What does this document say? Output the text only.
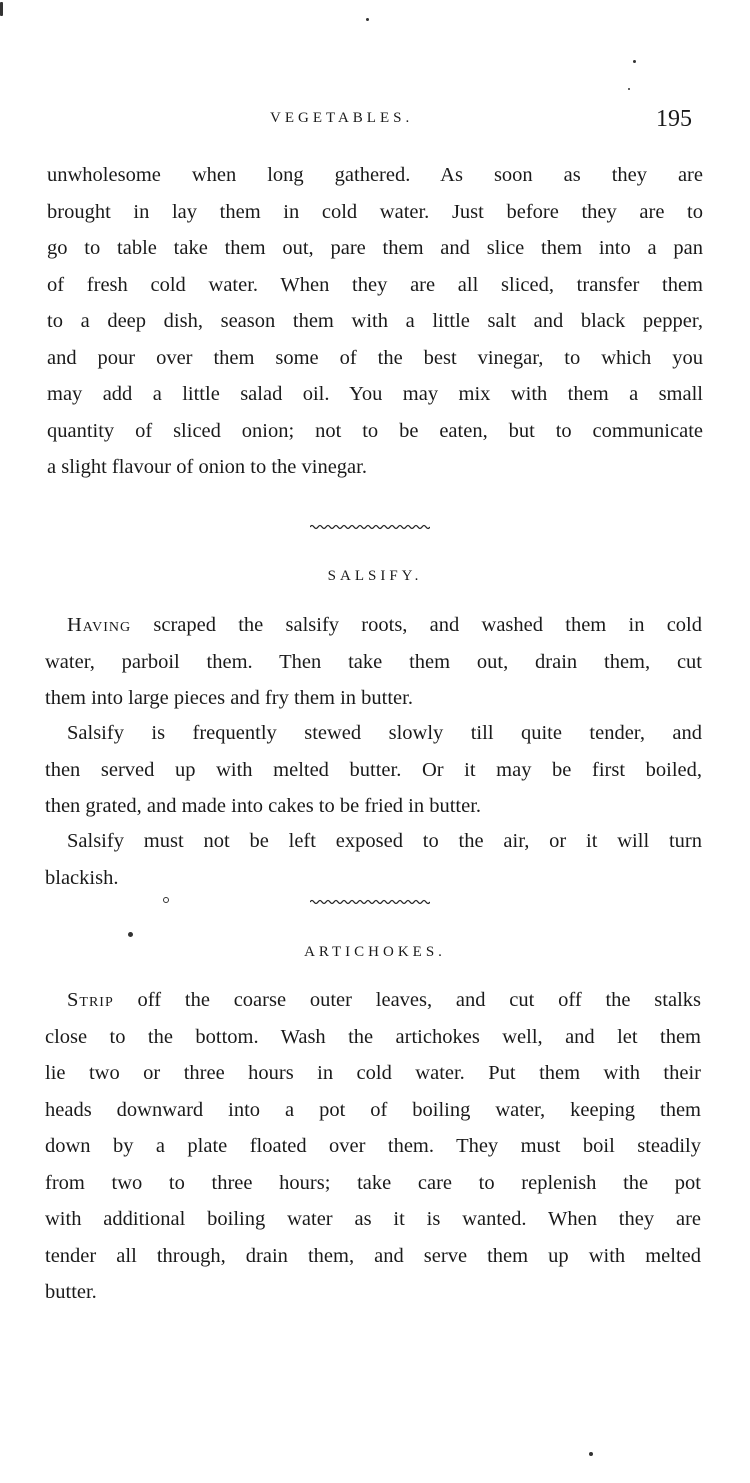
VEGETABLES.	195
unwholesome when long gathered. As soon as they are
brought in lay them in cold water. Just before they are to
go to table take them out, pare them and slice them into a pan
of fresh cold water. When they are all sliced, transfer them
to a deep dish, season them with a little salt and black pepper,
and pour over them some of the best vinegar, to which you
may add a little salad oil. You may mix with them a small
quantity of sliced onion; not to be eaten, but to communicate
a slight flavour of onion to the vinegar.
SALSIFY.
Having scraped the salsify roots, and washed them in cold
water, parboil them. Then take them out, drain them, cut
them into large pieces and fry them in butter.
Salsify is frequently stewed slowly till quite tender, and
then served up with melted butter. Or it may be first boiled,
then grated, and made into cakes to be fried in butter.
Salsify must not be left exposed to the air, or it will turn
blackish.
ARTICHOKES.
Strip off the coarse outer leaves, and cut off the stalks
close to the bottom. Wash the artichokes well, and let them
lie two or three hours in cold water. Put them with their
heads downward into a pot of boiling water, keeping them
down by a plate floated over them. They must boil steadily
from two to three hours; take care to replenish the pot
with additional boiling water as it is wanted. When they are
tender all through, drain them, and serve them up with melted
butter.
